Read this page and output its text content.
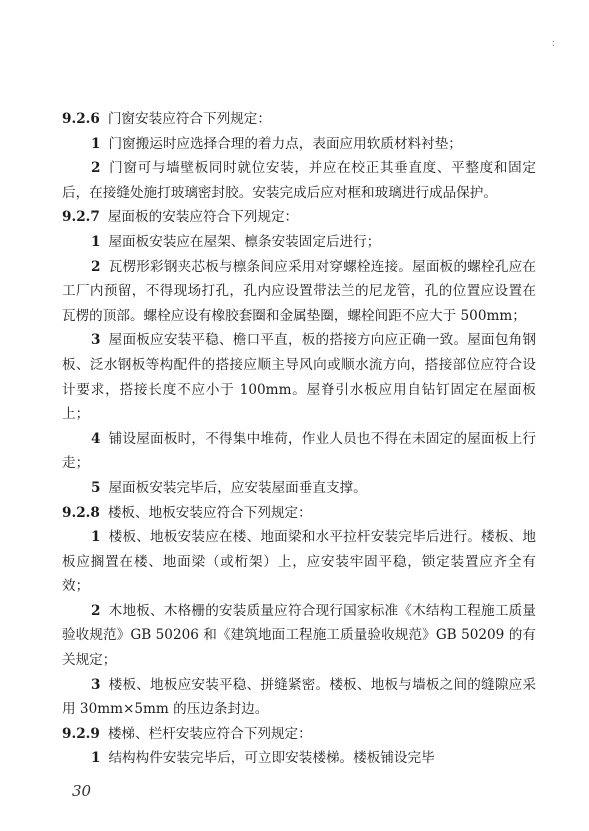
:

9.2.6 门窗安装应符合下列规定：

1 门窗搬运时应选择合理的着力点，表面应用软质材料衬垫；

2 门窗可与墙壁板同时就位安装，并应在校正其垂直度、平整度和固定后，在接缝处施打玻璃密封胶。安装完成后应对框和玻璃进行成品保护。

9.2.7 屋面板的安装应符合下列规定：

1 屋面板安装应在屋架、檩条安装固定后进行；

2 瓦楞形彩钢夹芯板与檩条间应采用对穿螺栓连接。屋面板的螺栓孔应在工厂内预留，不得现场打孔，孔内应设置带法兰的尼龙管，孔的位置应设置在瓦楞的顶部。螺栓应设有橡胶套圈和金属垫圈，螺栓间距不应大于 500mm；

3 屋面板应安装平稳、檐口平直，板的搭接方向应正确一致。屋面包角钢板、泛水钢板等构配件的搭接应顺主导风向或顺水流方向，搭接部位应符合设计要求，搭接长度不应小于 100mm。屋脊引水板应用自钻钉固定在屋面板上；

4 铺设屋面板时，不得集中堆荷，作业人员也不得在未固定的屋面板上行走；

5 屋面板安装完毕后，应安装屋面垂直支撑。

9.2.8 楼板、地板安装应符合下列规定：

1 楼板、地板安装应在楼、地面梁和水平拉杆安装完毕后进行。楼板、地板应搁置在楼、地面梁（或桁架）上，应安装牢固平稳，锁定装置应齐全有效；

2 木地板、木格栅的安装质量应符合现行国家标准《木结构工程施工质量验收规范》GB 50206 和《建筑地面工程施工质量验收规范》GB 50209 的有关规定；

3 楼板、地板应安装平稳、拼缝紧密。楼板、地板与墙板之间的缝隙应采用 30mm×5mm 的压边条封边。

9.2.9 楼梯、栏杆安装应符合下列规定：

1 结构构件安装完毕后，可立即安装楼梯。楼板铺设完毕

30
